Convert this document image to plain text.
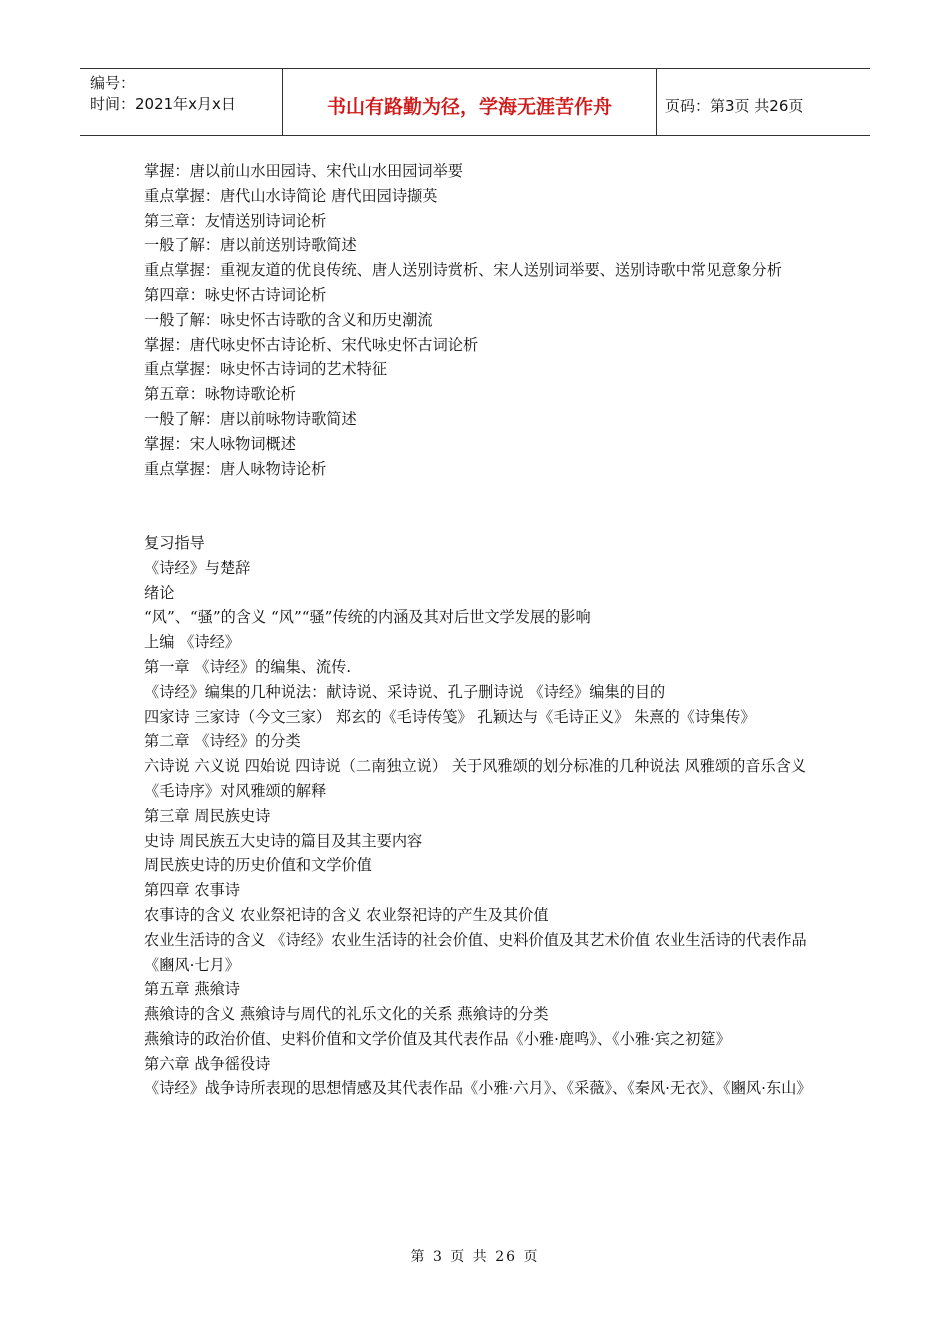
编号：
时间：2021年x月x日	书山有路勤为径，学海无涯苦作舟	页码：第3页 共26页
掌握：唐以前山水田园诗、宋代山水田园词举要
重点掌握：唐代山水诗简论 唐代田园诗撷英
第三章：友情送别诗词论析
一般了解：唐以前送别诗歌简述
重点掌握：重视友道的优良传统、唐人送别诗赏析、宋人送别词举要、送别诗歌中常见意象分析
第四章：咏史怀古诗词论析
一般了解：咏史怀古诗歌的含义和历史潮流
掌握：唐代咏史怀古诗论析、宋代咏史怀古词论析
重点掌握：咏史怀古诗词的艺术特征
第五章：咏物诗歌论析
一般了解：唐以前咏物诗歌简述
掌握：宋人咏物词概述
重点掌握：唐人咏物诗论析
复习指导
《诗经》与楚辞
绪论
“风”、“骚”的含义 “风”“骚”传统的内涵及其对后世文学发展的影响
上编 《诗经》
第一章 《诗经》的编集、流传.
《诗经》编集的几种说法：献诗说、采诗说、孔子删诗说 《诗经》编集的目的
四家诗 三家诗（今文三家） 郑玄的《毛诗传笺》 孔颖达与《毛诗正义》 朱熹的《诗集传》
第二章 《诗经》的分类
六诗说 六义说 四始说 四诗说（二南独立说） 关于风雅颂的划分标准的几种说法 风雅颂的音乐含义
《毛诗序》对风雅颂的解释
第三章 周民族史诗
史诗 周民族五大史诗的篇目及其主要内容
周民族史诗的历史价值和文学价值
第四章 农事诗
农事诗的含义 农业祭祀诗的含义 农业祭祀诗的产生及其价值
农业生活诗的含义 《诗经》农业生活诗的社会价值、史料价值及其艺术价值 农业生活诗的代表作品《豳风·七月》
第五章 燕飨诗
燕飨诗的含义 燕飨诗与周代的礼乐文化的关系 燕飨诗的分类
燕飨诗的政治价值、史料价值和文学价值及其代表作品《小雅·鹿鸣》、《小雅·宾之初筵》
第六章 战争徭役诗
《诗经》战争诗所表现的思想情感及其代表作品《小雅·六月》、《采薇》、《秦风·无衣》、《豳风·东山》
第 3 页 共 26 页
